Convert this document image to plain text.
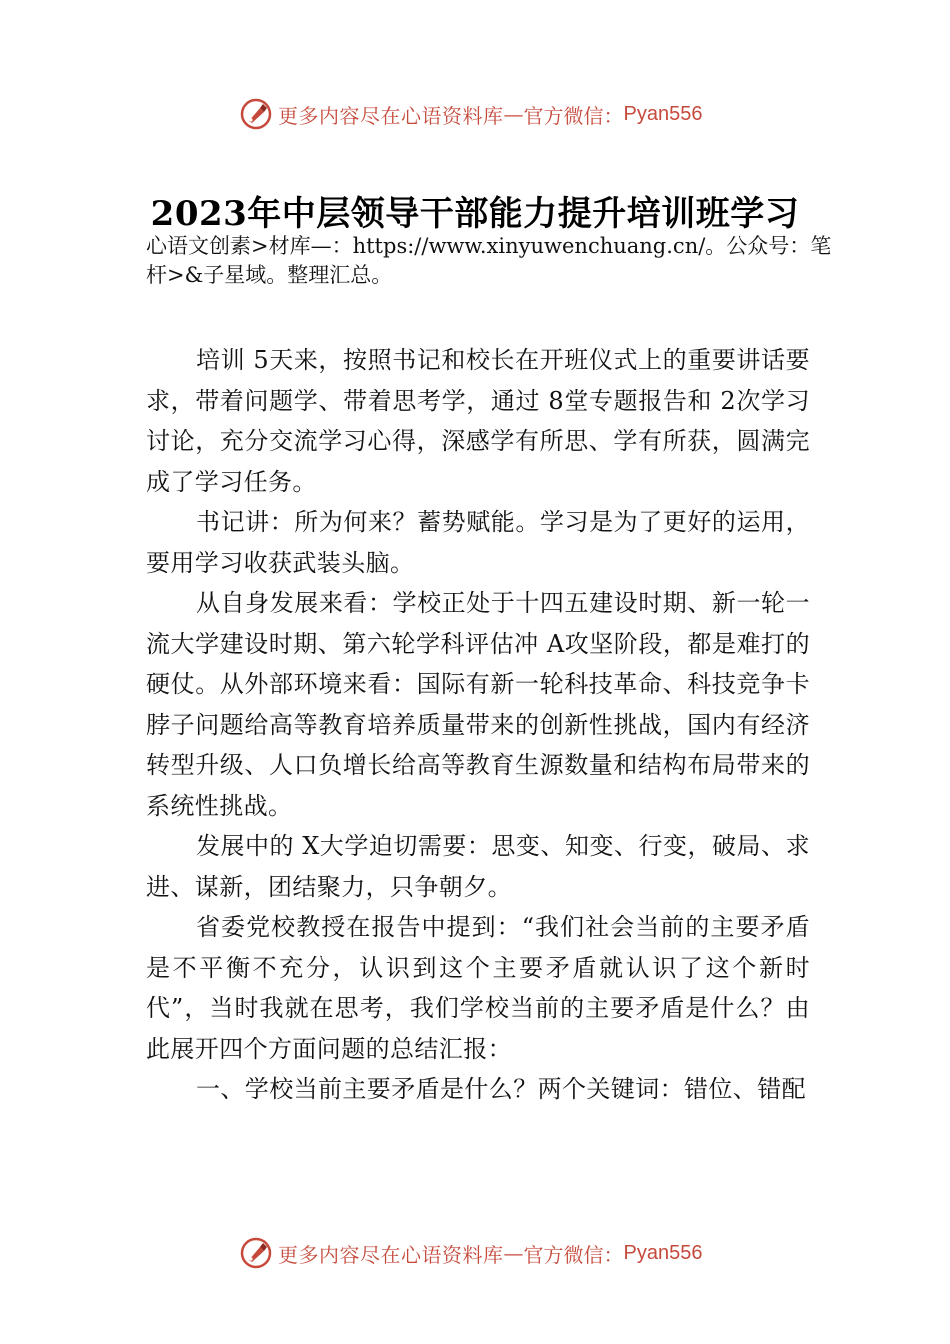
更多内容尽在心语资料库 — 官方微信： Pyan556
2023年中层领导干部能力提升培训班学习

心语文创素>材库—：https://www.xinyuwenchuang.cn/。公众号：笔杆>&子星域。整理汇总。

培训 5天来，按照书记和校长在开班仪式上的重要讲话要求，带着问题学、带着思考学，通过 8堂专题报告和 2次学习讨论，充分交流学习心得，深感学有所思、学有所获，圆满完成了学习任务。

书记讲：所为何来？蓄势赋能。学习是为了更好的运用，要用学习收获武装头脑。

从自身发展来看：学校正处于十四五建设时期、新一轮一流大学建设时期、第六轮学科评估冲 A攻坚阶段，都是难打的硬仗。从外部环境来看：国际有新一轮科技革命、科技竞争卡脖子问题给高等教育培养质量带来的创新性挑战，国内有经济转型升级、人口负增长给高等教育生源数量和结构布局带来的系统性挑战。

发展中的 X大学迫切需要：思变、知变、行变，破局、求进、谋新，团结聚力，只争朝夕。

省委党校教授在报告中提到：“我们社会当前的主要矛盾是不平衡不充分，认识到这个主要矛盾就认识了这个新时代”，当时我就在思考，我们学校当前的主要矛盾是什么？由此展开四个方面问题的总结汇报：

一、学校当前主要矛盾是什么？两个关键词：错位、错配

更多内容尽在心语资料库 — 官方微信： Pyan556
